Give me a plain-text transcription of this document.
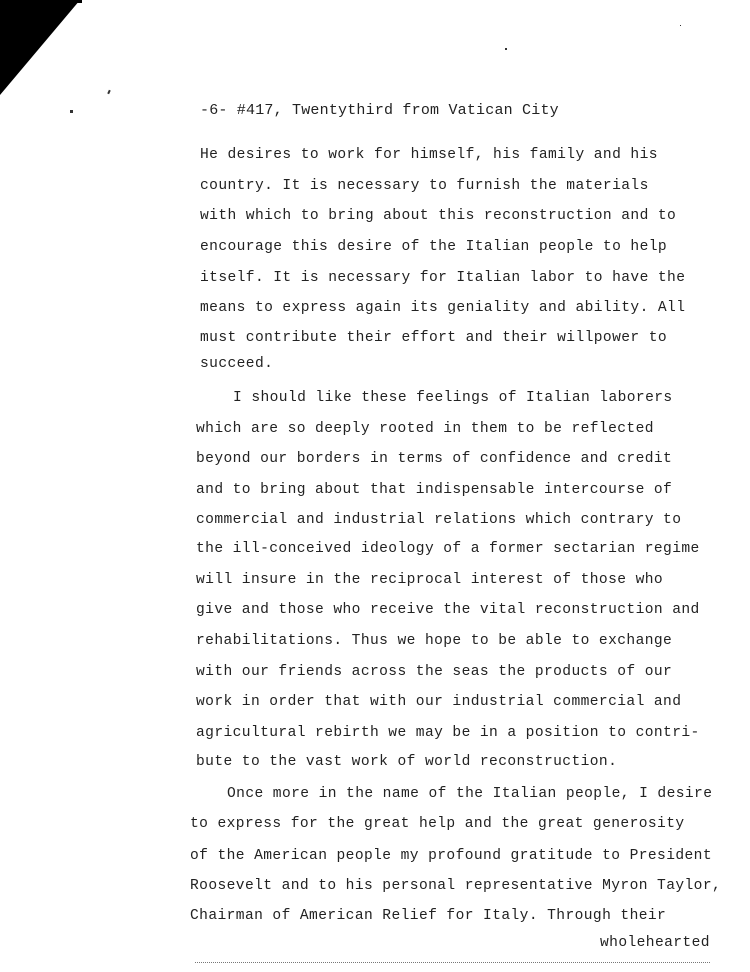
-6- #417, Twentythird from Vatican City
He desires to work for himself, his family and his
country. It is necessary to furnish the materials
with which to bring about this reconstruction and to
encourage this desire of the Italian people to help
itself. It is necessary for Italian labor to have the
means to express again its geniality and ability. All
must contribute their effort and their willpower to
succeed.
I should like these feelings of Italian laborers
which are so deeply rooted in them to be reflected
beyond our borders in terms of confidence and credit
and to bring about that indispensable intercourse of
commercial and industrial relations which contrary to
the ill-conceived ideology of a former sectarian regime
will insure in the reciprocal interest of those who
give and those who receive the vital reconstruction and
rehabilitations. Thus we hope to be able to exchange
with our friends across the seas the products of our
work in order that with our industrial commercial and
agricultural rebirth we may be in a position to contri-
bute to the vast work of world reconstruction.
Once more in the name of the Italian people, I desire
to express for the great help and the great generosity
of the American people my profound gratitude to President
Roosevelt and to his personal representative Myron Taylor,
Chairman of American Relief for Italy. Through their
wholehearted
